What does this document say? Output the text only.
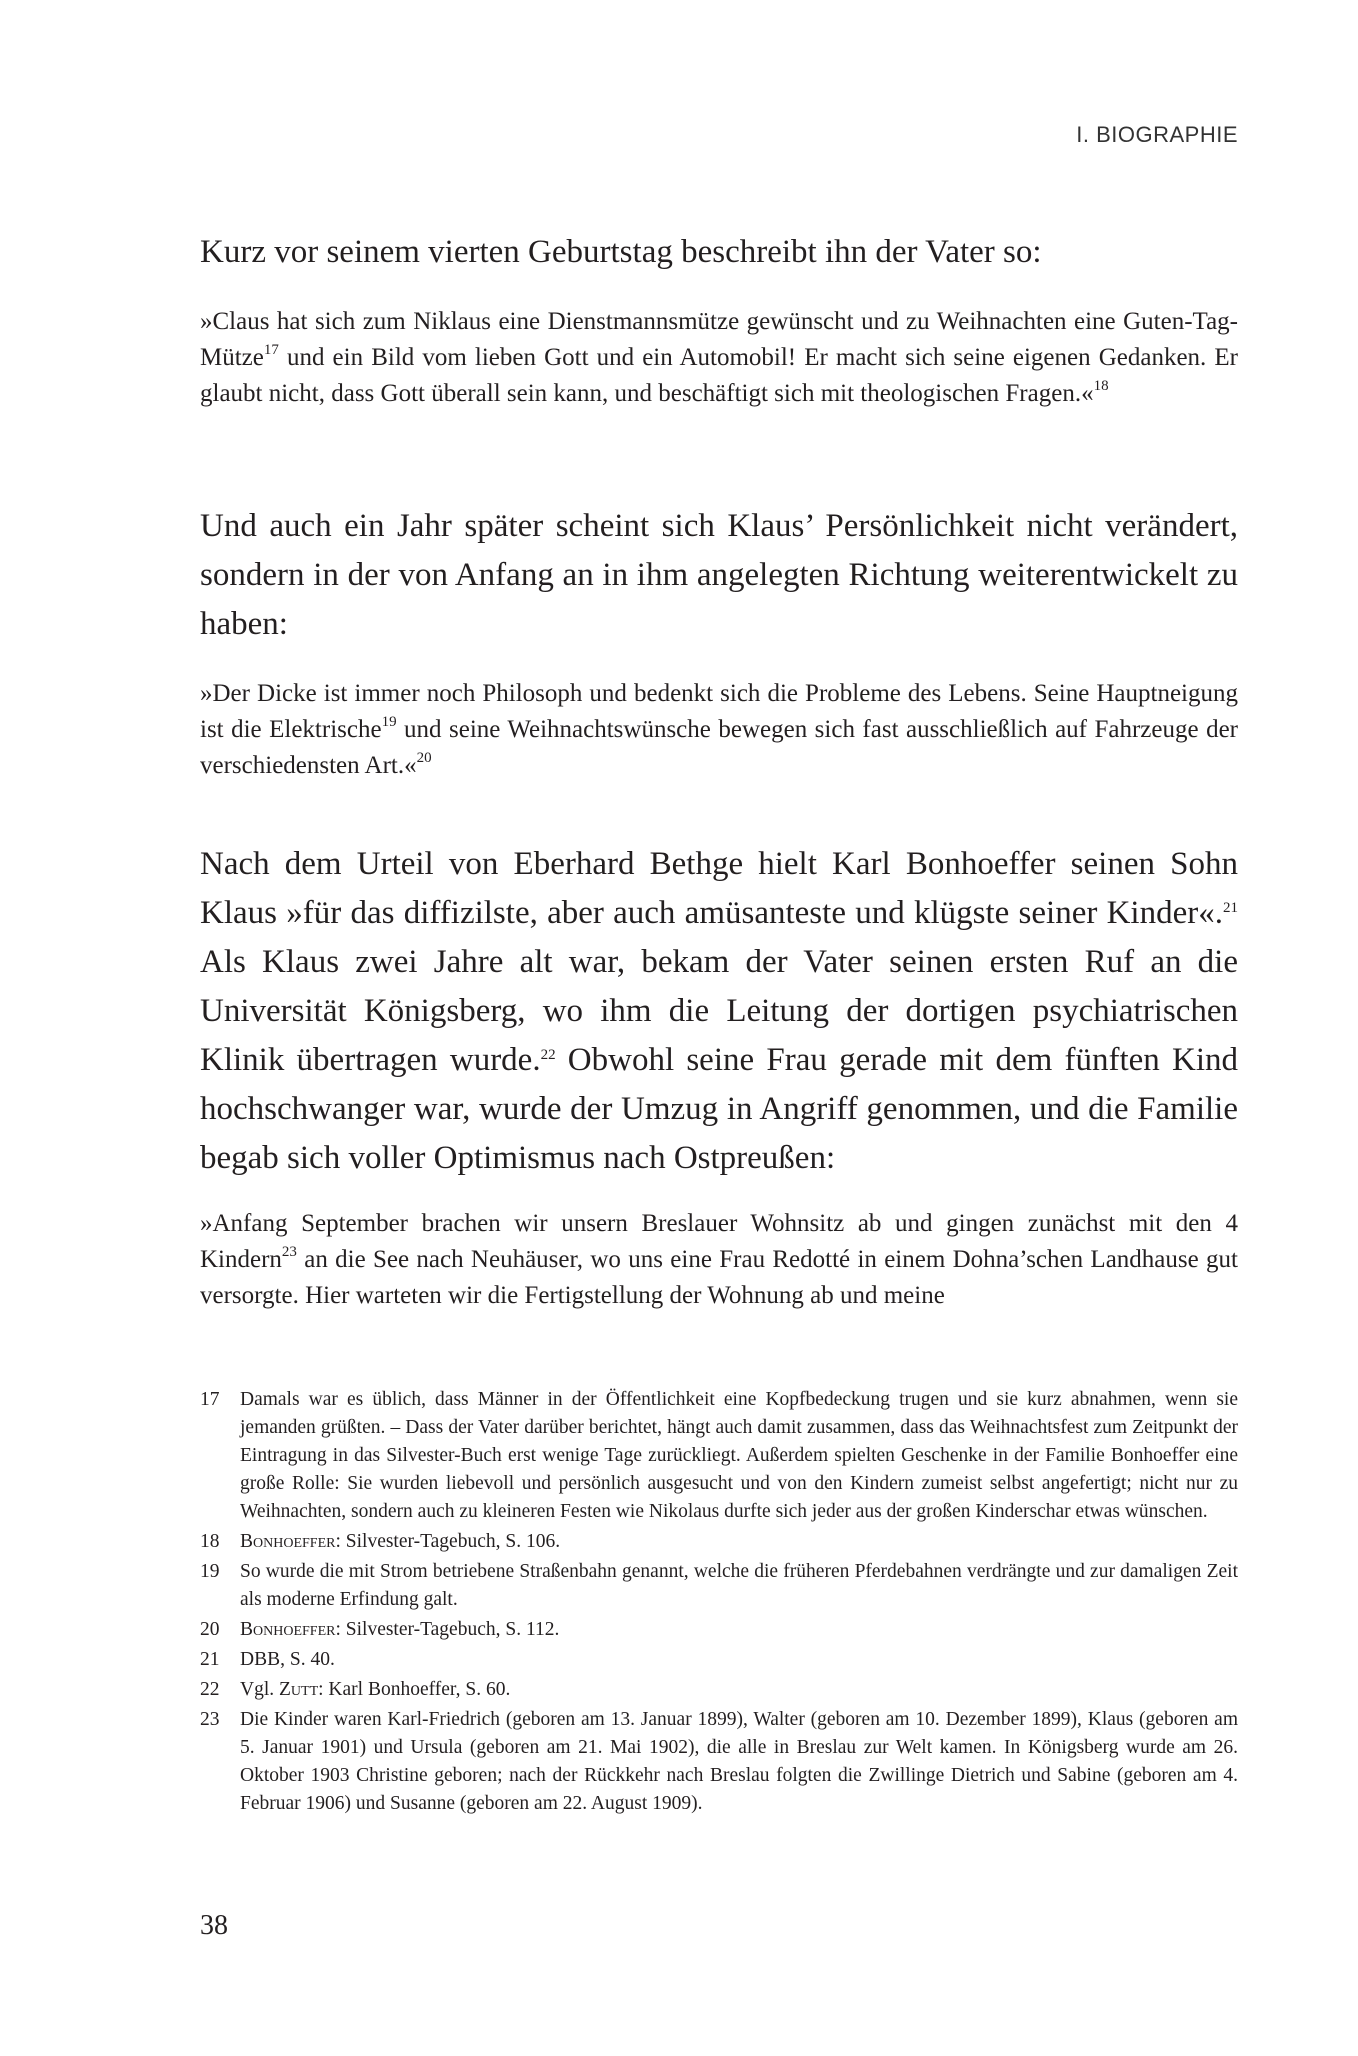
I. BIOGRAPHIE

Kurz vor seinem vierten Geburtstag beschreibt ihn der Vater so:

»Claus hat sich zum Niklaus eine Dienstmannsmütze gewünscht und zu Weihnachten eine Guten-Tag-Mütze$^{17}$ und ein Bild vom lieben Gott und ein Automobil! Er macht sich seine eigenen Gedanken. Er glaubt nicht, dass Gott überall sein kann, und beschäftigt sich mit theologischen Fragen.«$^{18}$

Und auch ein Jahr später scheint sich Klaus’ Persönlichkeit nicht verändert, sondern in der von Anfang an in ihm angelegten Richtung weiterentwickelt zu haben:

»Der Dicke ist immer noch Philosoph und bedenkt sich die Probleme des Lebens. Seine Hauptneigung ist die Elektrische$^{19}$ und seine Weihnachtswünsche bewegen sich fast ausschließlich auf Fahrzeuge der verschiedensten Art.«$^{20}$

Nach dem Urteil von Eberhard Bethge hielt Karl Bonhoeffer seinen Sohn Klaus »für das diffizilste, aber auch amüsanteste und klügste seiner Kinder«.$^{21}$ Als Klaus zwei Jahre alt war, bekam der Vater seinen ersten Ruf an die Universität Königsberg, wo ihm die Leitung der dortigen psychiatrischen Klinik übertragen wurde.$^{22}$ Obwohl seine Frau gerade mit dem fünften Kind hochschwanger war, wurde der Umzug in Angriff genommen, und die Familie begab sich voller Optimismus nach Ostpreußen:

»Anfang September brachen wir unsern Breslauer Wohnsitz ab und gingen zunächst mit den 4 Kindern$^{23}$ an die See nach Neuhäuser, wo uns eine Frau Redotté in einem Dohna’schen Landhause gut versorgte. Hier warteten wir die Fertigstellung der Wohnung ab und meine

17	Damals war es üblich, dass Männer in der Öffentlichkeit eine Kopfbedeckung trugen und sie kurz abnahmen, wenn sie jemanden grüßten. – Dass der Vater darüber berichtet, hängt auch damit zusammen, dass das Weihnachtsfest zum Zeitpunkt der Eintragung in das Silvester-Buch erst wenige Tage zurückliegt. Außerdem spielten Geschenke in der Familie Bonhoeffer eine große Rolle: Sie wurden liebevoll und persönlich ausgesucht und von den Kindern zumeist selbst angefertigt; nicht nur zu Weihnachten, sondern auch zu kleineren Festen wie Nikolaus durfte sich jeder aus der großen Kinderschar etwas wünschen.
18	Bonhoeffer: Silvester-Tagebuch, S. 106.
19	So wurde die mit Strom betriebene Straßenbahn genannt, welche die früheren Pferdebahnen verdrängte und zur damaligen Zeit als moderne Erfindung galt.
20	Bonhoeffer: Silvester-Tagebuch, S. 112.
21	DBB, S. 40.
22	Vgl. Zutt: Karl Bonhoeffer, S. 60.
23	Die Kinder waren Karl-Friedrich (geboren am 13. Januar 1899), Walter (geboren am 10. Dezember 1899), Klaus (geboren am 5. Januar 1901) und Ursula (geboren am 21. Mai 1902), die alle in Breslau zur Welt kamen. In Königsberg wurde am 26. Oktober 1903 Christine geboren; nach der Rückkehr nach Breslau folgten die Zwillinge Dietrich und Sabine (geboren am 4. Februar 1906) und Susanne (geboren am 22. August 1909).
38
